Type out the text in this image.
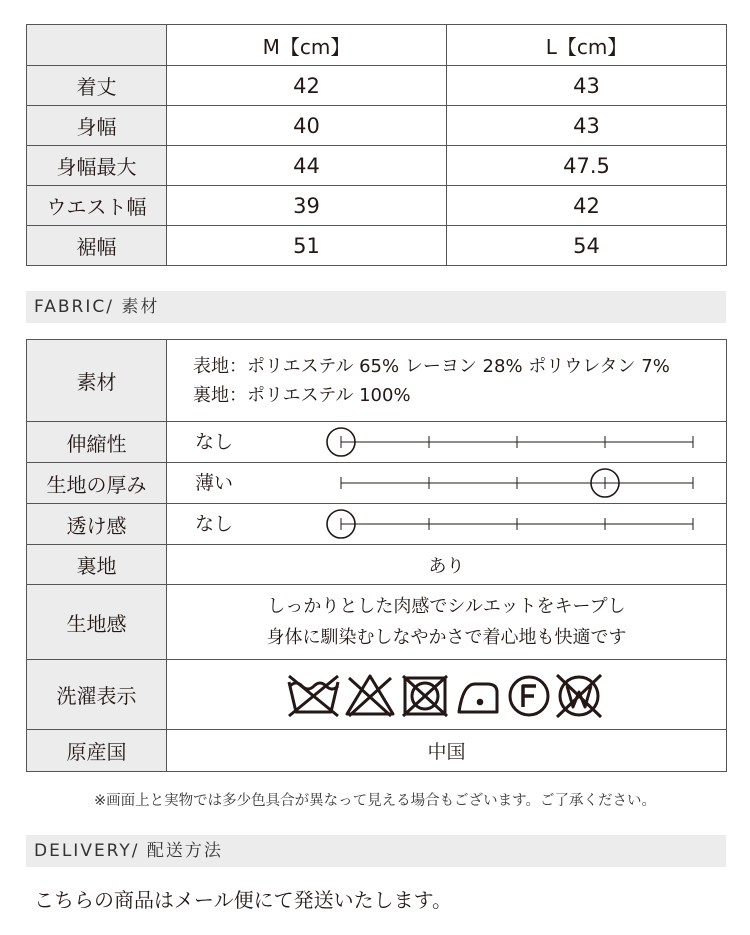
	M【cm】	L【cm】
着丈	42	43
身幅	40	43
身幅最大	44	47.5
ウエスト幅	39	42
裾幅	51	54
FABRIC/ 素材
素材	表地：ポリエステル 65% レーヨン 28% ポリウレタン 7%
裏地：ポリエステル 100%

伸縮性	なし

生地の厚み	薄い

透け感	なし

裏地	あり
生地感	しっかりとした肉感でシルエットをキープし
身体に馴染むしなやかさで着心地も快適です

洗濯表示	

原産国	中国
※画面上と実物では多少色具合が異なって見える場合もございます。ご了承ください。
DELIVERY/ 配送方法
こちらの商品はメール便にて発送いたします。
